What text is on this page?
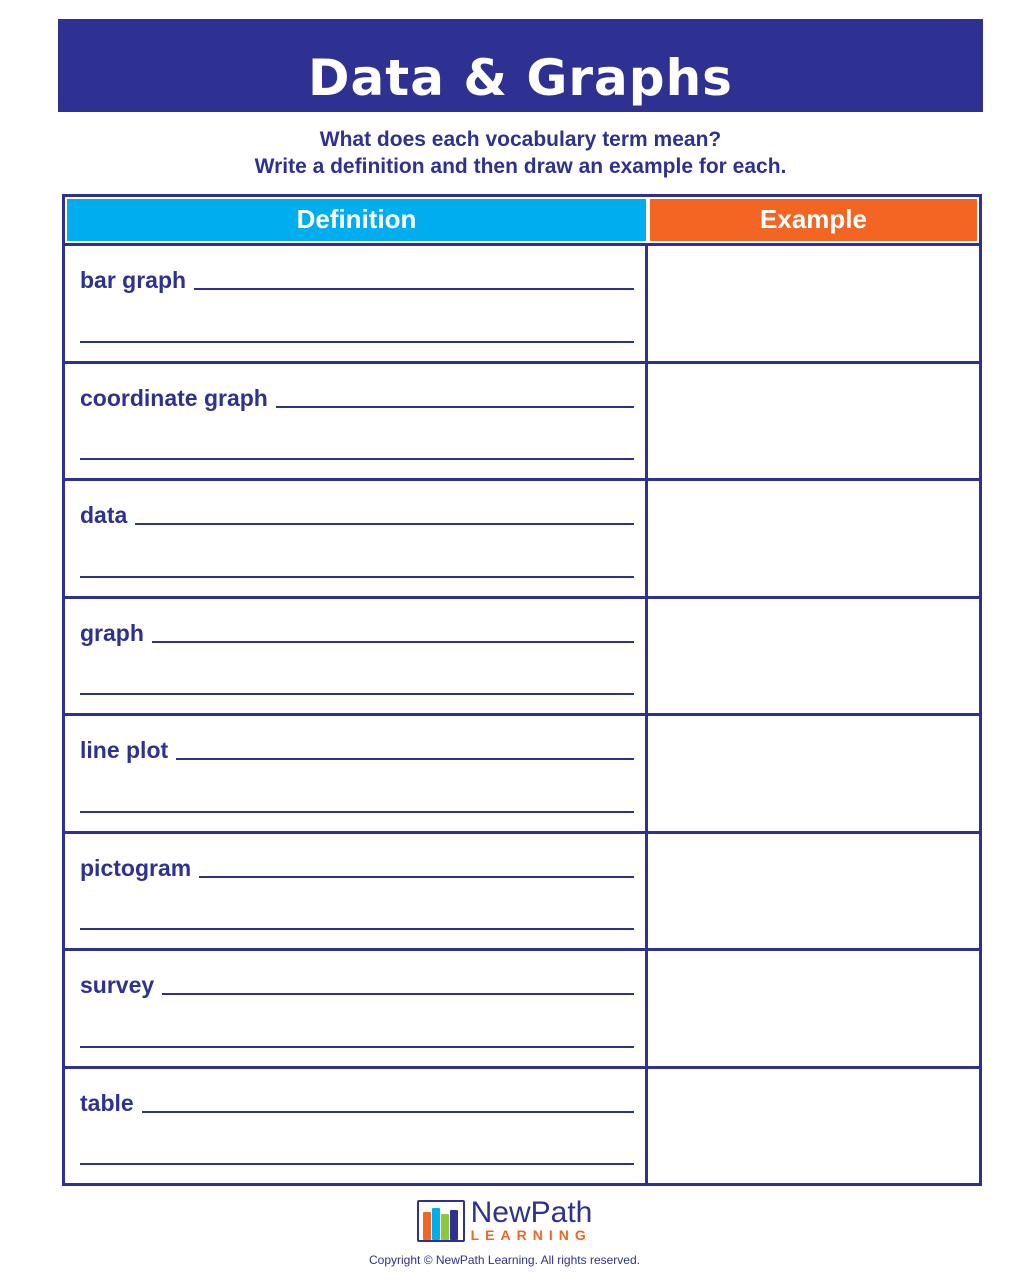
Data & Graphs
What does each vocabulary term mean?
Write a definition and then draw an example for each.
Definition	Example
bar graph
coordinate graph
data
graph
line plot
pictogram
survey
table
NewPath
LEARNING
Copyright © NewPath Learning. All rights reserved.
